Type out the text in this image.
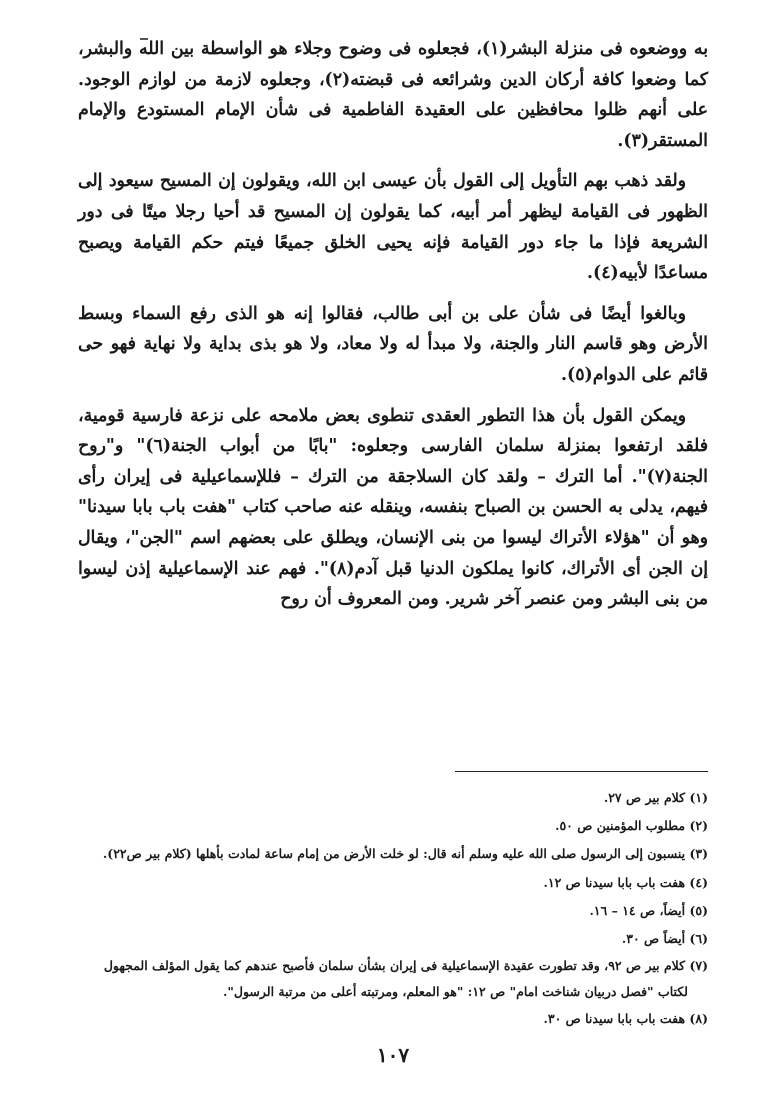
به ووضعوه فى منزلة البشر(١)، فجعلوه فى وضوح وجلاء هو الواسطة بين الله والبشر، كما وضعوا كافة أركان الدين وشرائعه فى قبضته(٢)، وجعلوه لازمة من لوازم الوجود. على أنهم ظلوا محافظين على العقيدة الفاطمية فى شأن الإمام المستودع والإمام المستقر(٣).

ولقد ذهب بهم التأويل إلى القول بأن عيسى ابن الله، ويقولون إن المسيح سيعود إلى الظهور فى القيامة ليظهر أمر أبيه، كما يقولون إن المسيح قد أحيا رجلا ميتًا فى دور الشريعة فإذا ما جاء دور القيامة فإنه يحيى الخلق جميعًا فيتم حكم القيامة ويصبح مساعدًا لأبيه(٤).

وبالغوا أيضًا فى شأن على بن أبى طالب، فقالوا إنه هو الذى رفع السماء وبسط الأرض وهو قاسم النار والجنة، ولا مبدأ له ولا معاد، ولا هو بذى بداية ولا نهاية فهو حى قائم على الدوام(٥).

ويمكن القول بأن هذا التطور العقدى تنطوى بعض ملامحه على نزعة فارسية قومية، فلقد ارتفعوا بمنزلة سلمان الفارسى وجعلوه: "بابًا من أبواب الجنة(٦)" و"روح الجنة(٧)". أما الترك – ولقد كان السلاجقة من الترك – فللإسماعيلية فى إيران رأى فيهم، يدلى به الحسن بن الصباح بنفسه، وينقله عنه صاحب كتاب "هفت باب بابا سيدنا" وهو أن "هؤلاء الأتراك ليسوا من بنى الإنسان، ويطلق على بعضهم اسم "الجن"، ويقال إن الجن أى الأتراك، كانوا يملكون الدنيا قبل آدم(٨)". فهم عند الإسماعيلية إذن ليسوا من بنى البشر ومن عنصر آخر شرير. ومن المعروف أن روح

(١) كلام بير ص ٢٧.

(٢) مطلوب المؤمنين ص ٥٠.

(٣) ينسبون إلى الرسول صلى الله عليه وسلم أنه قال: لو خلت الأرض من إمام ساعة لمادت بأهلها (كلام بير ص٢٢).

(٤) هفت باب بابا سيدنا ص ١٢.

(٥) أيضاً، ص ١٤ – ١٦.

(٦) أيضاً ص ٣٠.

(٧) كلام بير ص ٩٢، وقد تطورت عقيدة الإسماعيلية فى إيران بشأن سلمان فأصبح عندهم كما يقول المؤلف المجهول لكتاب "فصل دربيان شناخت امام" ص ١٢: "هو المعلم، ومرتبته أعلى من مرتبة الرسول".

(٨) هفت باب بابا سيدنا ص ٣٠.

١٠٧
